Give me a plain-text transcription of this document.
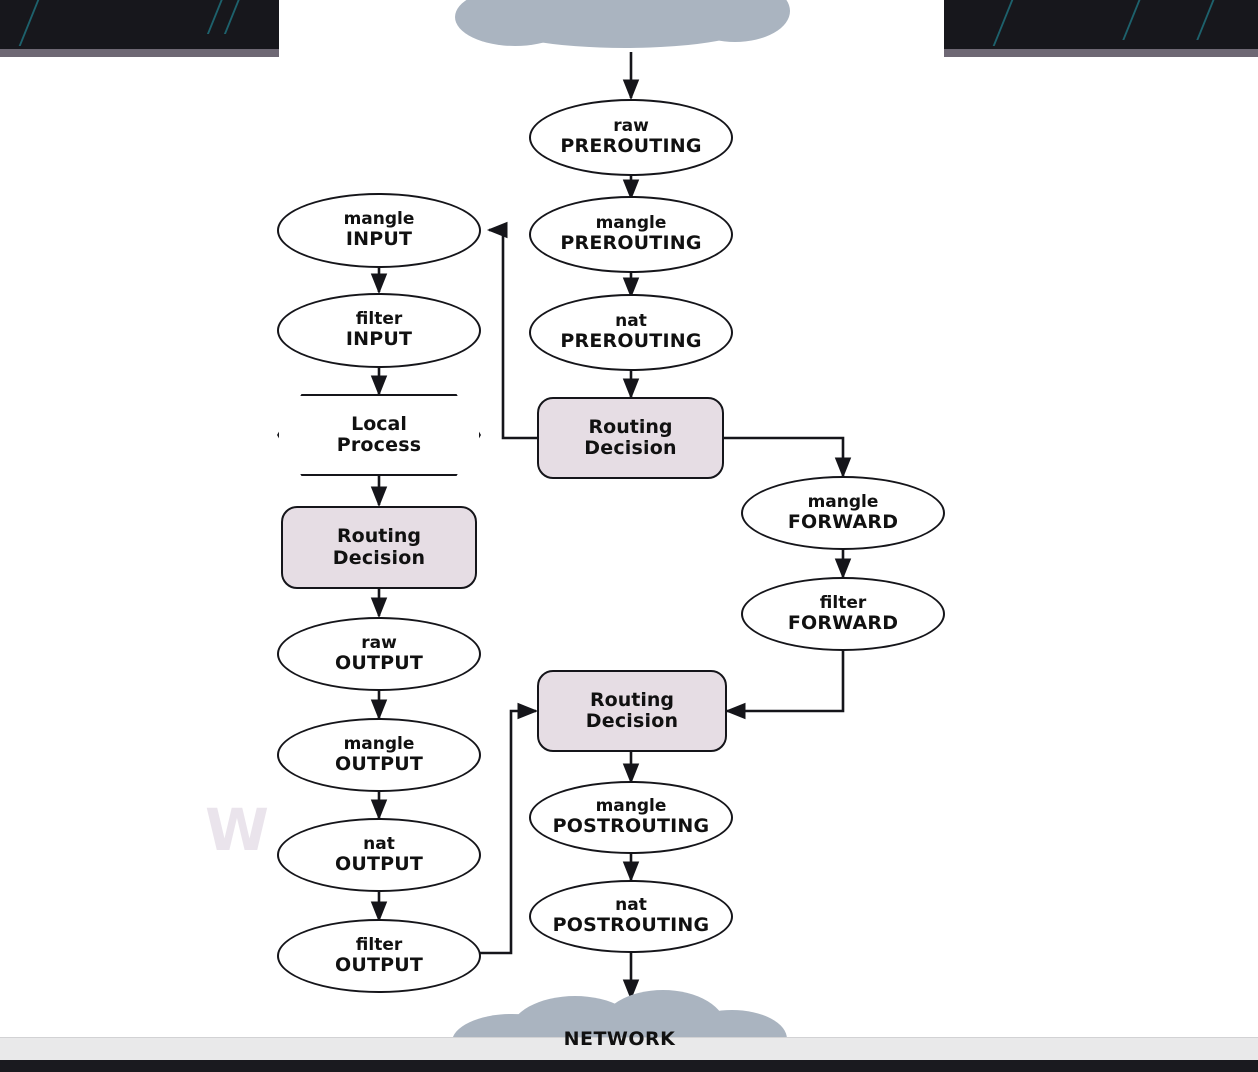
W
raw
PREROUTING
mangle
PREROUTING
nat
PREROUTING
Routing
Decision
mangle
INPUT
filter
INPUT
Local
Process
Routing
Decision
raw
OUTPUT
mangle
OUTPUT
nat
OUTPUT
filter
OUTPUT
mangle
FORWARD
filter
FORWARD
Routing
Decision
mangle
POSTROUTING
nat
POSTROUTING
NETWORK
